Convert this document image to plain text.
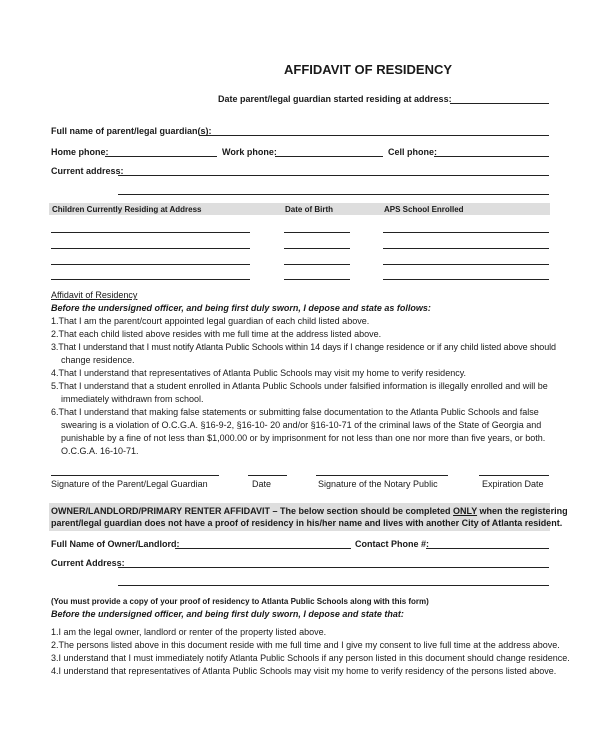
AFFIDAVIT OF RESIDENCY
Date parent/legal guardian started residing at address:
Full name of parent/legal guardian(s):
Home phone:	Work phone:	Cell phone:
Current address:
Children Currently Residing at Address	Date of Birth	APS School Enrolled
Affidavit of Residency
Before the undersigned officer, and being first duly sworn, I depose and state as follows:
1.That I am the parent/court appointed legal guardian of each child listed above.
2.That each child listed above resides with me full time at the address listed above.
3.That I understand that I must notify Atlanta Public Schools within 14 days if I change residence or if any child listed above should
change residence.
4.That I understand that representatives of Atlanta Public Schools may visit my home to verify residency.
5.That I understand that a student enrolled in Atlanta Public Schools under falsified information is illegally enrolled and will be
immediately withdrawn from school.
6.That I understand that making false statements or submitting false documentation to the Atlanta Public Schools and false
swearing is a violation of O.C.G.A. §16-9-2, §16-10- 20 and/or §16-10-71 of the criminal laws of the State of Georgia and
punishable by a fine of not less than $1,000.00 or by imprisonment for not less than one nor more than five years, or both.
O.C.G.A. 16-10-71.
Signature of the Parent/Legal Guardian	Date	Signature of the Notary Public	Expiration Date
OWNER/LANDLORD/PRIMARY RENTER AFFIDAVIT – The below section should be completed ONLY when the registering
parent/legal guardian does not have a proof of residency in his/her name and lives with another City of Atlanta resident.
Full Name of Owner/Landlord:	Contact Phone #:
Current Address:
(You must provide a copy of your proof of residency to Atlanta Public Schools along with this form)
Before the undersigned officer, and being first duly sworn, I depose and state that:
1.I am the legal owner, landlord or renter of the property listed above.
2.The persons listed above in this document reside with me full time and I give my consent to live full time at the address above.
3.I understand that I must immediately notify Atlanta Public Schools if any person listed in this document should change residence.
4.I understand that representatives of Atlanta Public Schools may visit my home to verify residency of the persons listed above.
